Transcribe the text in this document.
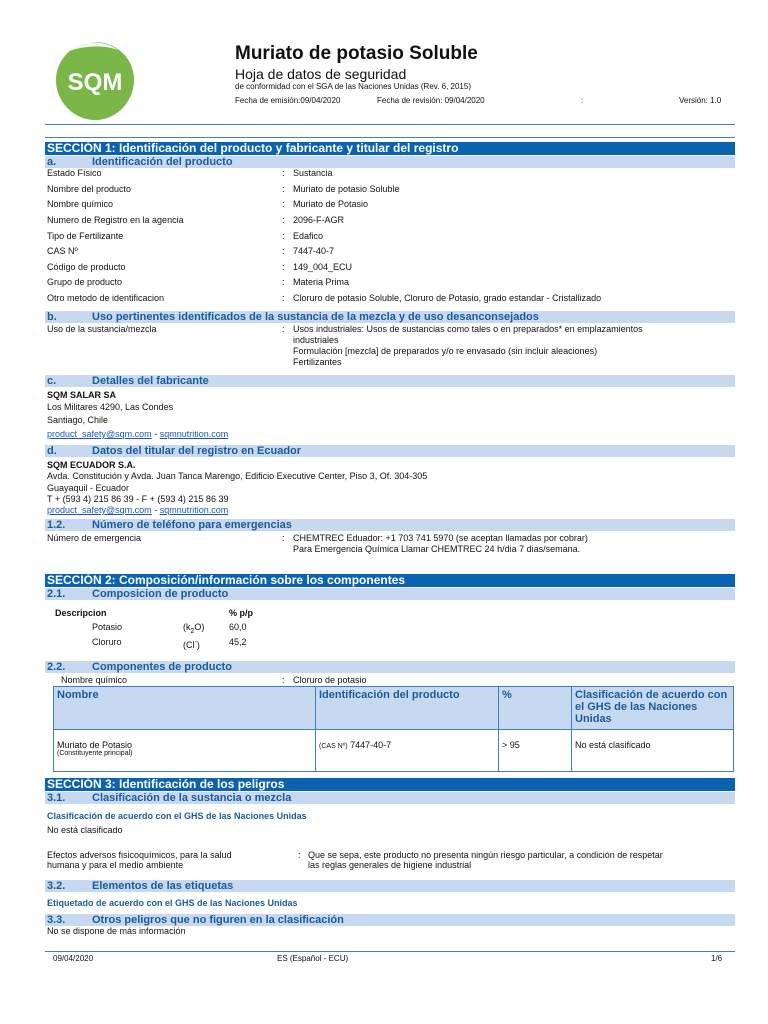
SQM
Muriato de potasio Soluble
Hoja de datos de seguridad
de conformidad con el SGA de las Naciones Unidas (Rev. 6, 2015)
Fecha de emisión:09/04/2020	Fecha de revisión: 09/04/2020	:	Versión: 1.0
SECCIÓN 1: Identificación del producto y fabricante y titular del registro
a.	Identificación del producto
Estado Físico	: Sustancia
Nombre del producto	: Muriato de potasio Soluble
Nombre químico	: Muriato de Potasio
Numero de Registro en la agencia	: 2096-F-AGR
Tipo de Fertilizante	: Edafico
CAS Nº	: 7447-40-7
Código de producto	: 149_004_ECU
Grupo de producto	: Materia Prima
Otro metodo de identificacion	: Cloruro de potasio Soluble, Cloruro de Potasio, grado estandar - Cristallizado
b.	Uso pertinentes identificados de la sustancia de la mezcla y de uso desanconsejados
Uso de la sustancia/mezcla	: Usos industriales: Usos de sustancias como tales o en preparados* en emplazamientos
industriales
Formulación [mezcla] de preparados y/o re envasado (sin incluir aleaciones)
Fertilizantes
c.	Detalles del fabricante
SQM SALAR SA
Los Militares 4290, Las Condes
Santiago, Chile
product_safety@sqm.com - sqmnutrition.com
d.	Datos del titular del registro en Ecuador
SQM ECUADOR S.A.
Avda. Constitución y Avda. Juan Tanca Marengo, Edificio Executive Center, Piso 3, Of. 304-305
Guayaquil - Ecuador
T + (593 4) 215 86 39 - F + (593 4) 215 86 39
product_safety@sqm.com - sqmnutrition.com
1.2. Número de teléfono para emergencias
Número de emergencia	: CHEMTREC Eduador: +1 703 741 5970 (se aceptan llamadas por cobrar)
Para Emergencia Química Llamar CHEMTREC 24 h/dia 7 dias/semana.
SECCIÓN 2: Composición/información sobre los componentes
2.1. Composicion de producto
Descripcion	% p/p
Potasio	$(k_2O)$	60,0
Cloruro	(Cl-)	45,2
2.2. Componentes de producto
Nombre químico	: Cloruro de potasio
Nombre	Identificación del producto	%	Clasificación de acuerdo con el GHS de las Naciones Unidas

Muriato de Potasio
(Constituyente principal)	(CAS Nº) 7447-40-7	> 95	No está clasificado
SECCIÓN 3: Identificación de los peligros
3.1. Clasificación de la sustancia o mezcla
Clasificación de acuerdo con el GHS de las Naciones Unidas
No está clasificado
Efectos adversos fisicoquímicos, para la salud
humana y para el medio ambiente
: Que se sepa, este producto no presenta ningún riesgo particular, a condición de respetar
las reglas generales de higiene industrial
3.2. Elementos de las etiquetas
Etiquetado de acuerdo con el GHS de las Naciones Unidas
3.3. Otros peligros que no figuren en la clasificación
No se dispone de más información
09/04/2020	ES (Español - ECU)	1/6
